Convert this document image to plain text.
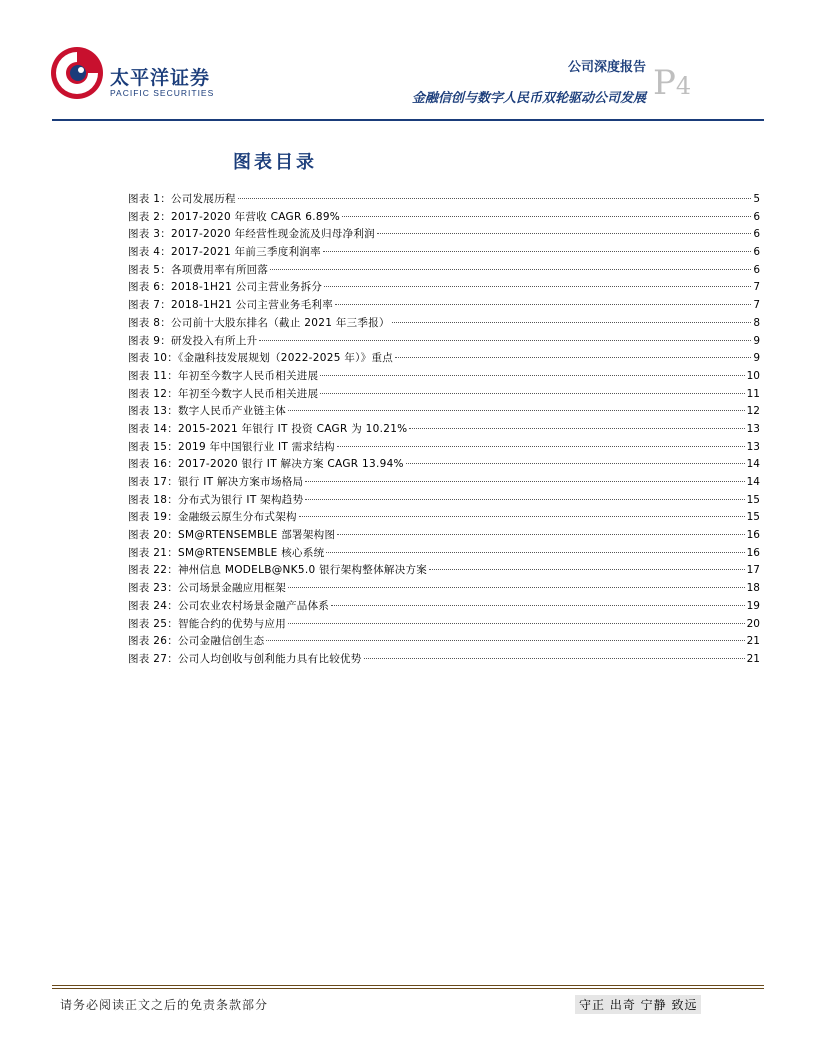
太平洋证券
PACIFIC SECURITIES
公司深度报告
金融信创与数字人民币双轮驱动公司发展 P4
图表目录
图表 1：公司发展历程	5
图表 2：2017-2020 年营收 CAGR 6.89%	6
图表 3：2017-2020 年经营性现金流及归母净利润	6
图表 4：2017-2021 年前三季度利润率	6
图表 5：各项费用率有所回落	6
图表 6：2018-1H21 公司主营业务拆分	7
图表 7：2018-1H21 公司主营业务毛利率	7
图表 8：公司前十大股东排名（截止 2021 年三季报）	8
图表 9：研发投入有所上升	9
图表 10：《金融科技发展规划（2022-2025 年）》重点	9
图表 11：年初至今数字人民币相关进展	10
图表 12：年初至今数字人民币相关进展	11
图表 13：数字人民币产业链主体	12
图表 14：2015-2021 年银行 IT 投资 CAGR 为 10.21%	13
图表 15：2019 年中国银行业 IT 需求结构	13
图表 16：2017-2020 银行 IT 解决方案 CAGR 13.94%	14
图表 17：银行 IT 解决方案市场格局	14
图表 18：分布式为银行 IT 架构趋势	15
图表 19：金融级云原生分布式架构	15
图表 20：SM@RTENSEMBLE 部署架构图	16
图表 21：SM@RTENSEMBLE 核心系统	16
图表 22：神州信息 MODELB@NK5.0 银行架构整体解决方案	17
图表 23：公司场景金融应用框架	18
图表 24：公司农业农村场景金融产品体系	19
图表 25：智能合约的优势与应用	20
图表 26：公司金融信创生态	21
图表 27：公司人均创收与创利能力具有比较优势	21
请务必阅读正文之后的免责条款部分	守正 出奇 宁静 致远
